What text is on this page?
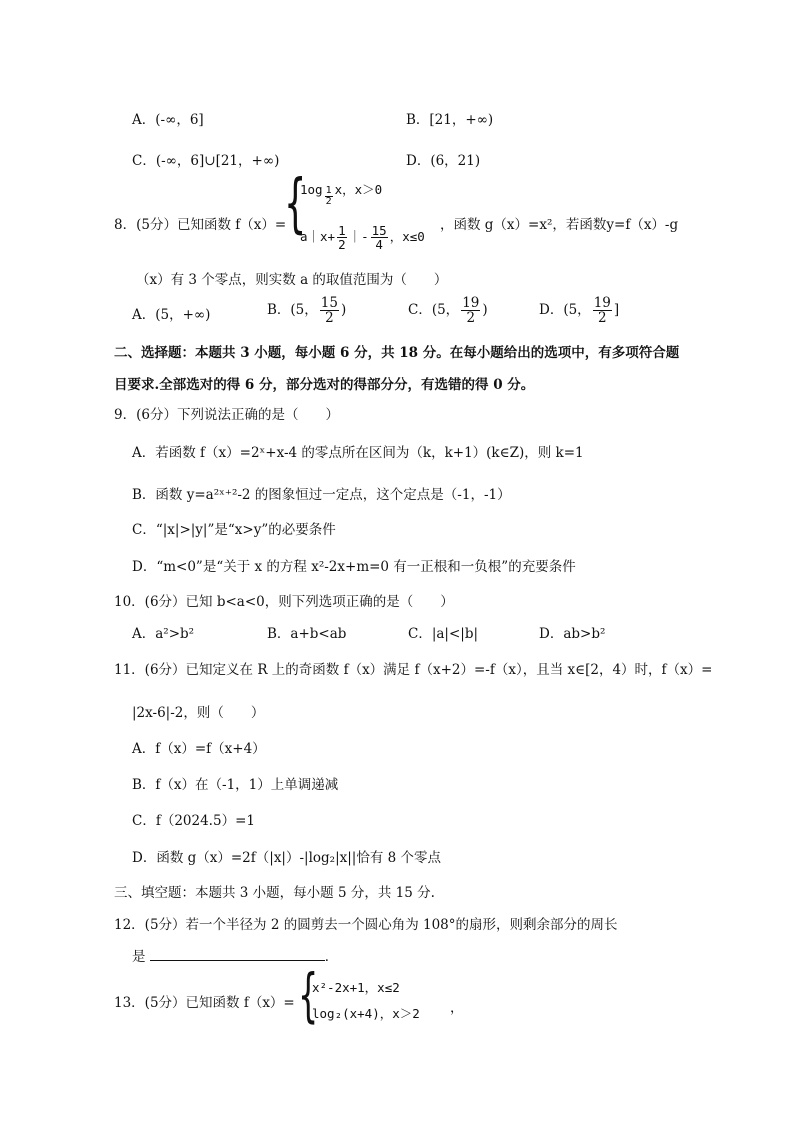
A．(-∞，6]	B．[21，+∞)
C．(-∞，6]∪[21，+∞)	D．(6，21)
8．(5分）已知函数 f（x）=
{
$1og \frac{1}{2}$ x，x＞0
a｜x+ $\frac{1}{2}$ ｜- $\frac{15}{4}$ ，x≤0
，函数 g（x）=x²，若函数y=f（x）-g
（x）有 3 个零点，则实数 a 的取值范围为（　　）
A．(5，+∞)	B．(5， $\frac{15}{2}$ )	C．(5， $\frac{19}{2}$ )	D．(5， $\frac{19}{2}$ ]
二、选择题：本题共 3 小题，每小题 6 分，共 18 分。在每小题给出的选项中，有多项符合题
目要求.全部选对的得 6 分，部分选对的得部分分，有选错的得 0 分。
9．(6分）下列说法正确的是（　　）
A．若函数 f（x）=2ˣ+x-4 的零点所在区间为（k，k+1）(k∈Z)，则 k=1
B．函数 y=a²ˣ⁺²-2 的图象恒过一定点，这个定点是（-1，-1）
C．“|x|>|y|”是“x>y”的必要条件
D．“m<0”是“关于 x 的方程 x²-2x+m=0 有一正根和一负根”的充要条件
10．(6分）已知 b<a<0，则下列选项正确的是（　　）
A．a²>b²	B．a+b<ab	C．|a|<|b|	D．ab>b²
11．(6分）已知定义在 R 上的奇函数 f（x）满足 f（x+2）=-f（x），且当 x∈[2，4）时，f（x）=
|2x-6|-2，则（　　）
A．f（x）=f（x+4）
B．f（x）在（-1，1）上单调递减
C．f（2024.5）=1
D．函数 g（x）=2f（|x|）-|log₂|x||恰有 8 个零点
三、填空题：本题共 3 小题，每小题 5 分，共 15 分.
12．(5分）若一个半径为 2 的圆剪去一个圆心角为 108°的扇形，则剩余部分的周长
是	．
13．(5分）已知函数 f（x）= {
x²-2x+1，x≤2
log₂(x+4)，x＞2 ，
